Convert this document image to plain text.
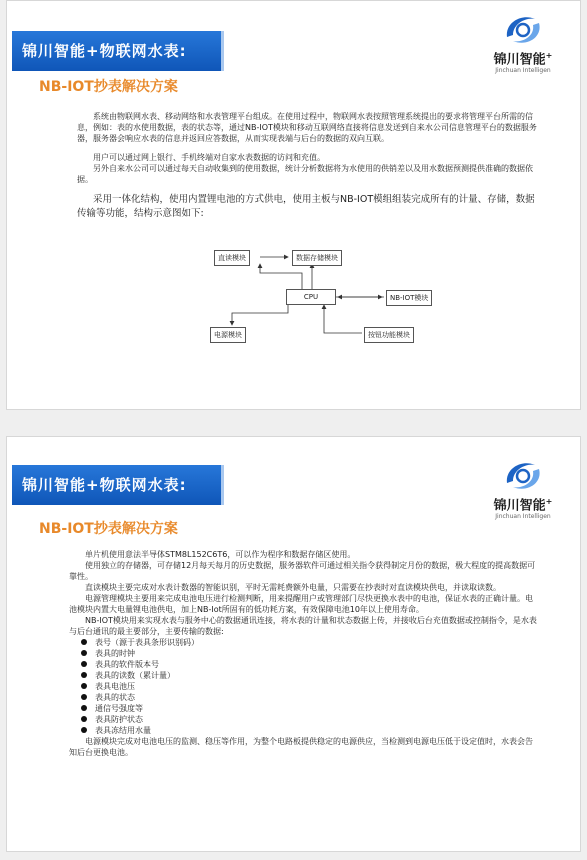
锦川智能+物联网水表:	锦川智能+
Jinchuan Intelligen
NB-IOT抄表解决方案

系统由物联网水表、移动网络和水表管理平台组成。在使用过程中，物联网水表按照管理系统提出的要求将管理平台所需的信息，例如：表的水使用数据，表的状态等，通过NB-IOT模块和移动互联网络直接将信息发送到自来水公司信息管理平台的数据服务器，服务器会响应水表的信息并返回应答数据，从而实现表端与后台的数据的双向互联。

用户可以通过网上银行、手机终端对自家水表数据的访问和充值。

另外自来水公司可以通过每天自动收集到的使用数据，统计分析数据将为水使用的供销差以及用水数据预测提供准确的数据依据。

采用一体化结构，使用内置锂电池的方式供电，使用主板与NB-IOT模组组装完成所有的计量、存储，数据传输等功能，结构示意图如下:

直读模块	数据存储模块
CPU	NB-IOT模块
电源模块	按钮功能模块
锦川智能+物联网水表:
锦川智能+
Jinchuan Intelligen
NB-IOT抄表解决方案

单片机使用意法半导体STM8L152C6T6，可以作为程序和数据存储区使用。

使用独立的存储器，可存储12月每天每月的历史数据，服务器软件可通过相关指令获得制定月份的数据，极大程度的提高数据可靠性。

直读模块主要完成对水表计数器的智能识别，平时无需耗费额外电量，只需要在抄表时对直读模块供电，并读取读数。

电源管理模块主要用来完成电池电压进行检测判断，用来提醒用户或管理部门尽快更换水表中的电池，保证水表的正确计量。电池模块内置大电量锂电池供电，加上NB-Iot所固有的低功耗方案，有效保障电池10年以上使用寿命。

NB-IOT模块用来实现水表与服务中心的数据通讯连接，将水表的计量和状态数据上传，并接收后台充值数据或控制指令，是水表与后台通讯的最主要部分，主要传输的数据:

表号（源于表具条形识别码）
表具的时钟
表具的软件版本号
表具的读数（累计量）
表具电池压
表具的状态
通信号强度等
表具防护状态
表具冻结用水量

电源模块完成对电池电压的监测、稳压等作用，为整个电路板提供稳定的电源供应，当检测到电源电压低于设定值时，水表会告知后台更换电池。
